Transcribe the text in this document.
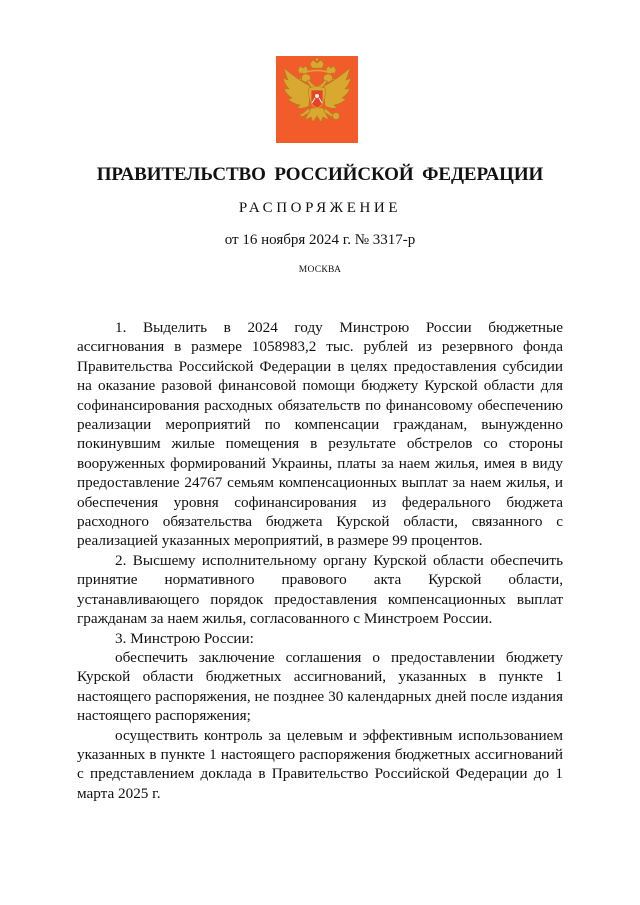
ПРАВИТЕЛЬСТВО РОССИЙСКОЙ ФЕДЕРАЦИИ
РАСПОРЯЖЕНИЕ
от 16 ноября 2024 г. № 3317-р
МОСКВА

1. Выделить в 2024 году Минстрою России бюджетные ассигнования в размере 1058983,2 тыс. рублей из резервного фонда Правительства Российской Федерации в целях предоставления субсидии на оказание разовой финансовой помощи бюджету Курской области для софинансирования расходных обязательств по финансовому обеспечению реализации мероприятий по компенсации гражданам, вынужденно покинувшим жилые помещения в результате обстрелов со стороны вооруженных формирований Украины, платы за наем жилья, имея в виду предоставление 24767 семьям компенсационных выплат за наем жилья, и обеспечения уровня софинансирования из федерального бюджета расходного обязательства бюджета Курской области, связанного с реализацией указанных мероприятий, в размере 99 процентов.

2. Высшему исполнительному органу Курской области обеспечить принятие нормативного правового акта Курской области, устанавливающего порядок предоставления компенсационных выплат гражданам за наем жилья, согласованного с Минстроем России.

3. Минстрою России:

обеспечить заключение соглашения о предоставлении бюджету Курской области бюджетных ассигнований, указанных в пункте 1 настоящего распоряжения, не позднее 30 календарных дней после издания настоящего распоряжения;

осуществить контроль за целевым и эффективным использованием указанных в пункте 1 настоящего распоряжения бюджетных ассигнований с представлением доклада в Правительство Российской Федерации до 1 марта 2025 г.
